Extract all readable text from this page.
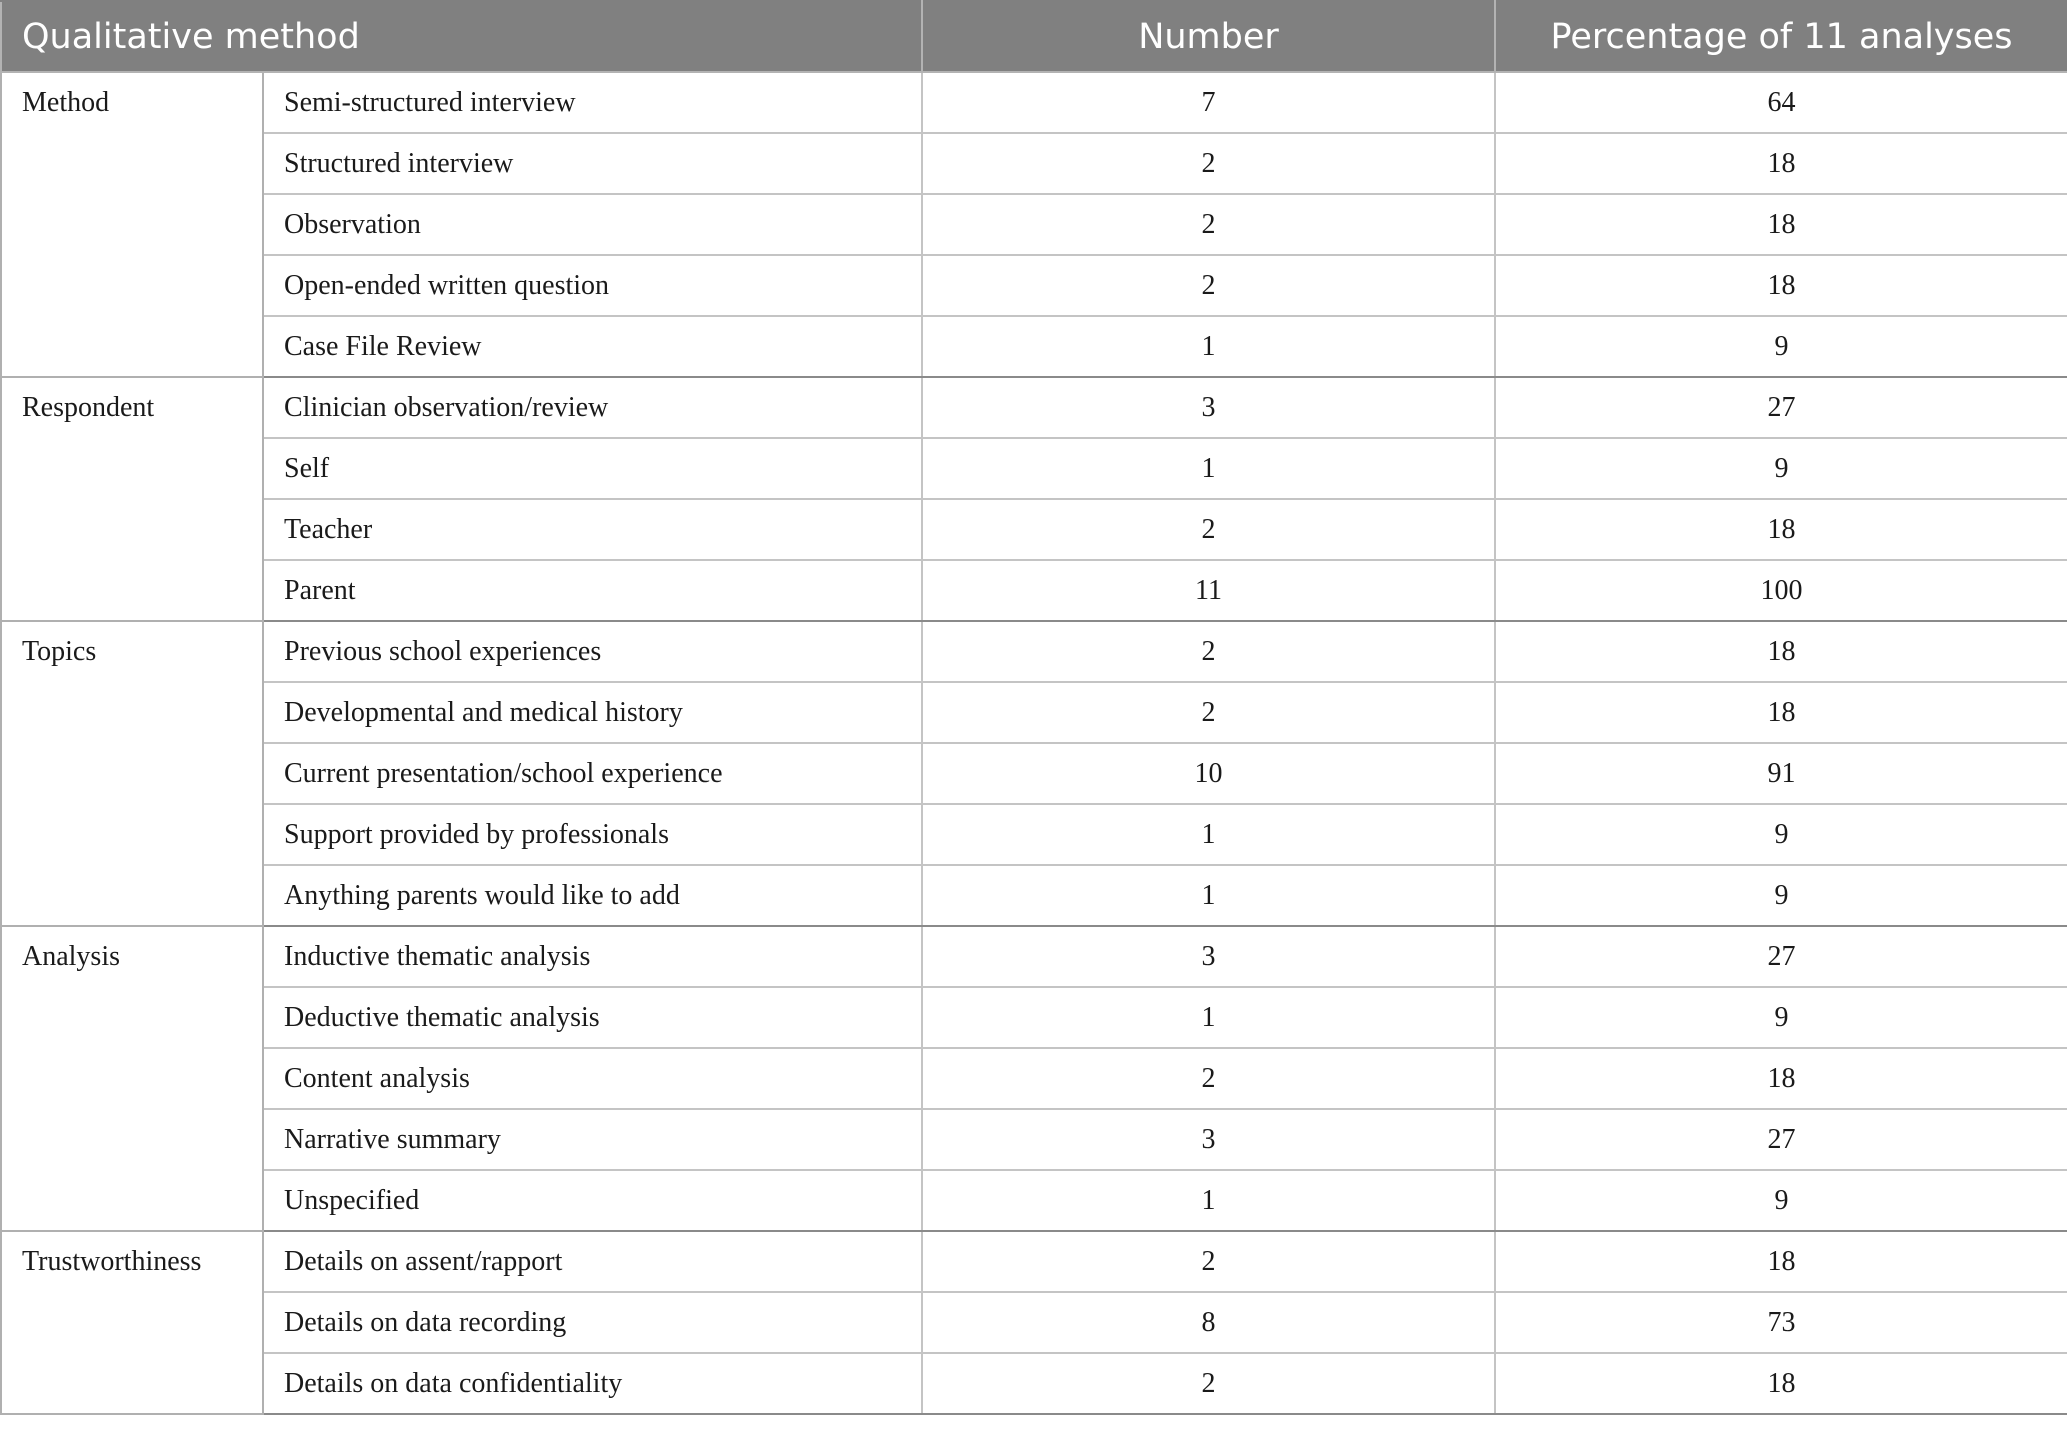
Qualitative method		Number	Percentage of 11 analyses
Method	Semi-structured interview	7	64
	Structured interview	2	18
	Observation	2	18
	Open-ended written question	2	18
	Case File Review	1	9
Respondent	Clinician observation/review	3	27
	Self	1	9
	Teacher	2	18
	Parent	11	100
Topics	Previous school experiences	2	18
	Developmental and medical history	2	18
	Current presentation/school experience	10	91
	Support provided by professionals	1	9
	Anything parents would like to add	1	9
Analysis	Inductive thematic analysis	3	27
	Deductive thematic analysis	1	9
	Content analysis	2	18
	Narrative summary	3	27
	Unspecified	1	9
Trustworthiness	Details on assent/rapport	2	18
	Details on data recording	8	73
	Details on data confidentiality	2	18
